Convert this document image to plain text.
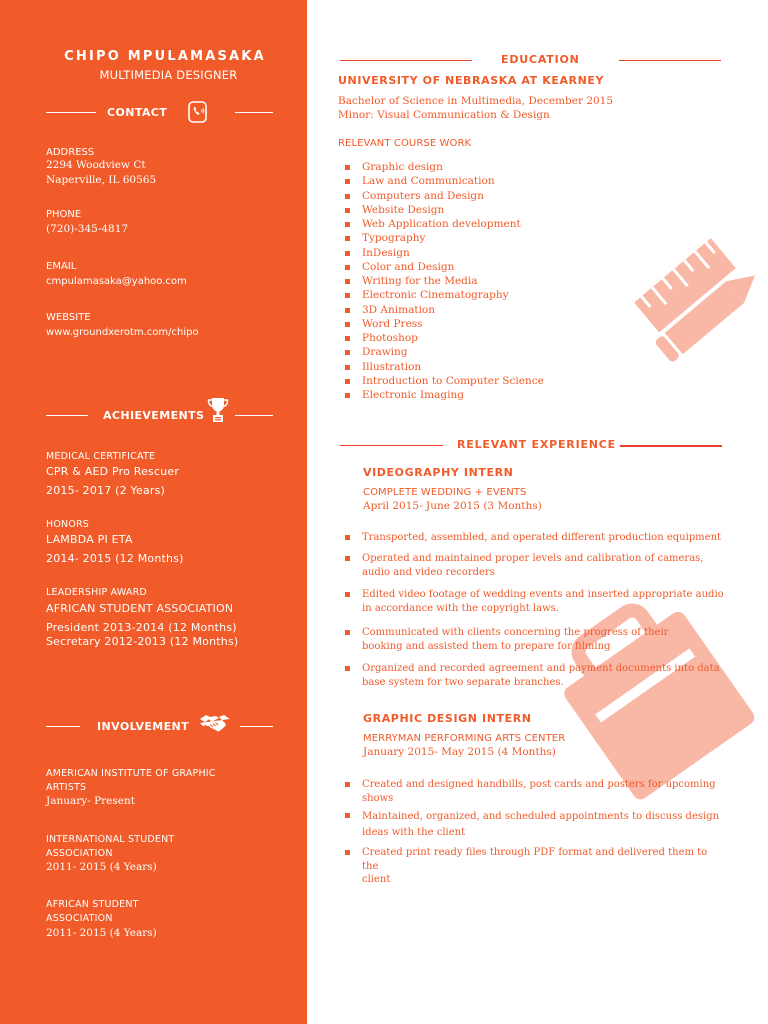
CHIPO MPULAMASAKA
MULTIMEDIA DESIGNER
CONTACT
ADDRESS
2294 Woodview Ct
Naperville, IL 60565
PHONE
(720)-345-4817
EMAIL
cmpulamasaka@yahoo.com
WEBSITE
www.groundxerotm.com/chipo
ACHIEVEMENTS
MEDICAL CERTIFICATE
CPR & AED Pro Rescuer
2015- 2017 (2 Years)
HONORS
LAMBDA PI ETA
2014- 2015 (12 Months)
LEADERSHIP AWARD
AFRICAN STUDENT ASSOCIATION
President 2013-2014 (12 Months)
Secretary 2012-2013 (12 Months)
INVOLVEMENT
AMERICAN INSTITUTE OF GRAPHIC
ARTISTS
January- Present
INTERNATIONAL STUDENT
ASSOCIATION
2011- 2015 (4 Years)
AFRICAN STUDENT
ASSOCIATION
2011- 2015 (4 Years)
EDUCATION
UNIVERSITY OF NEBRASKA AT KEARNEY
Bachelor of Science in Multimedia, December 2015
Minor: Visual Communication & Design
RELEVANT COURSE WORK
Graphic design
Law and Communication
Computers and Design
Website Design
Web Application development
Typography
InDesign
Color and Design
Writing for the Media
Electronic Cinematography
3D Animation
Word Press
Photoshop
Drawing
Illustration
Introduction to Computer Science
Electronic Imaging
RELEVANT EXPERIENCE
VIDEOGRAPHY INTERN
COMPLETE WEDDING + EVENTS
April 2015- June 2015 (3 Months)
Transported, assembled, and operated different production equipment
Operated and maintained proper levels and calibration of cameras,
audio and video recorders
Edited video footage of wedding events and inserted appropriate audio
in accordance with the copyright laws.
Communicated with clients concerning the progress of their
booking and assisted them to prepare for filming
Organized and recorded agreement and payment documents into data
base system for two separate branches.
GRAPHIC DESIGN INTERN
MERRYMAN PERFORMING ARTS CENTER
January 2015- May 2015 (4 Months)
Created and designed handbills, post cards and posters for upcoming
shows
Maintained, organized, and scheduled appointments to discuss design
ideas with the client
Created print ready files through PDF format and delivered them to the
client
